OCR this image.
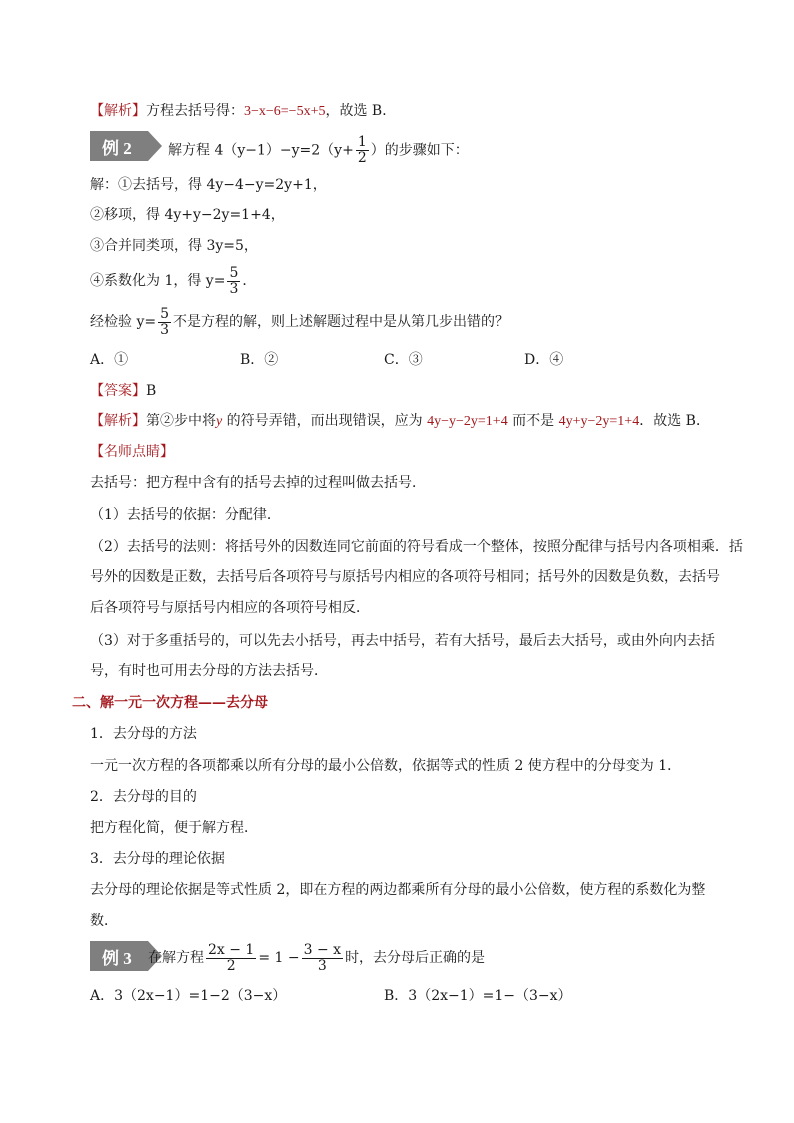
【解析】方程去括号得：3−x−6=−5x+5，故选 B．
例 2	解方程 $4(y-1)-y=2(y+ \frac{1}{2}$ ）的步骤如下：
解：①去括号，得 4y−4−y=2y+1，
②移项，得 4y+y−2y=1+4，
③合并同类项，得 3y=5，
④系数化为 1，得 $y= \frac{5}{3}$ ．
经检验 $y= \frac{5}{3}$ 不是方程的解，则上述解题过程中是从第几步出错的？
A．①	B．②	C．③	D．④
【答案】B
【解析】第②步中将y 的符号弄错，而出现错误，应为 4y−y−2y=1+4 而不是 4y+y−2y=1+4．故选 B．
【名师点睛】
去括号：把方程中含有的括号去掉的过程叫做去括号．
（1）去括号的依据：分配律．
（2）去括号的法则：将括号外的因数连同它前面的符号看成一个整体，按照分配律与括号内各项相乘．括
号外的因数是正数，去括号后各项符号与原括号内相应的各项符号相同；括号外的因数是负数，去括号
后各项符号与原括号内相应的各项符号相反．
（3）对于多重括号的，可以先去小括号，再去中括号，若有大括号，最后去大括号，或由外向内去括
号，有时也可用去分母的方法去括号．
二、解一元一次方程——去分母
1．去分母的方法
一元一次方程的各项都乘以所有分母的最小公倍数，依据等式的性质 2 使方程中的分母变为 1．
2．去分母的目的
把方程化简，便于解方程．
3．去分母的理论依据
去分母的理论依据是等式性质 2，即在方程的两边都乘所有分母的最小公倍数，使方程的系数化为整
数．
例 3	在解方程 $\frac{2x - 1}{2} = 1 - \frac{3 - x}{3}$ 时，去分母后正确的是
A．3（2x−1）=1−2（3−x）	B．3（2x−1）=1−（3−x）
